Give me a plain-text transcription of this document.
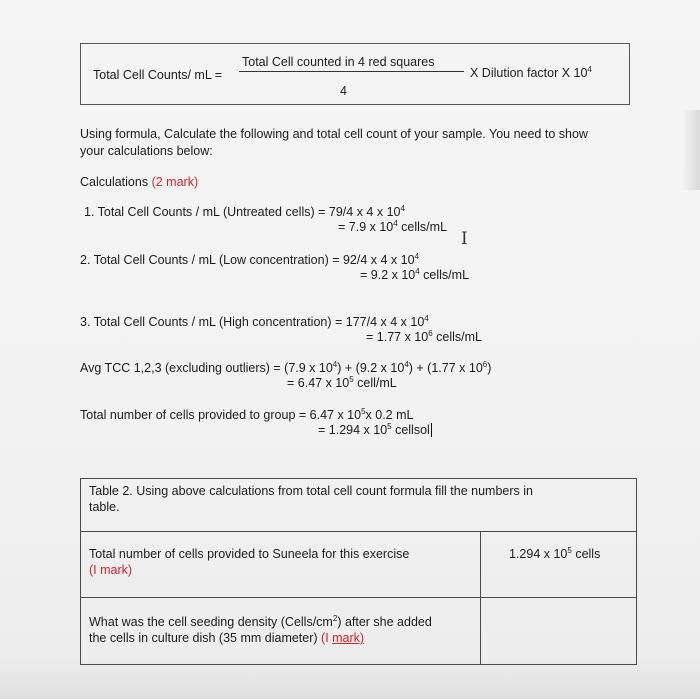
Total Cell Counts/ mL =
Total Cell counted in 4 red squares
4
X Dilution factor X $10^4$
Using formula, Calculate the following and total cell count of your sample. You need to show
your calculations below:
Calculations (2 mark)
1. Total Cell Counts / mL (Untreated cells) = 79/4 x 4 x $10^4$
= 7.9 x $10^4$ cells/mL
I
2. Total Cell Counts / mL (Low concentration) = 92/4 x 4 x $10^4$
= 9.2 x $10^4$ cells/mL
3. Total Cell Counts / mL (High concentration) = 177/4 x 4 x $10^4$
= 1.77 x $10^6$ cells/mL
Avg TCC 1,2,3 (excluding outliers) = (7.9 x $10^4) + (9.2$ x $10^4) + (1.77$ x $10^6$)
= 6.47 x $10^5$ cell/mL
Total number of cells provided to group = 6.47 x $10^5x$ 0.2 mL
= 1.294 x $10^5$ cellsol
Table 2. Using above calculations from total cell count formula fill the numbers in
table.	

Total number of cells provided to Suneela for this exercise
(I mark)	1.294 x $10^5$ cells

What was the cell seeding density $(Cells/cm^2)$ after she added
the cells in culture dish (35 mm diameter) (I mark)	
